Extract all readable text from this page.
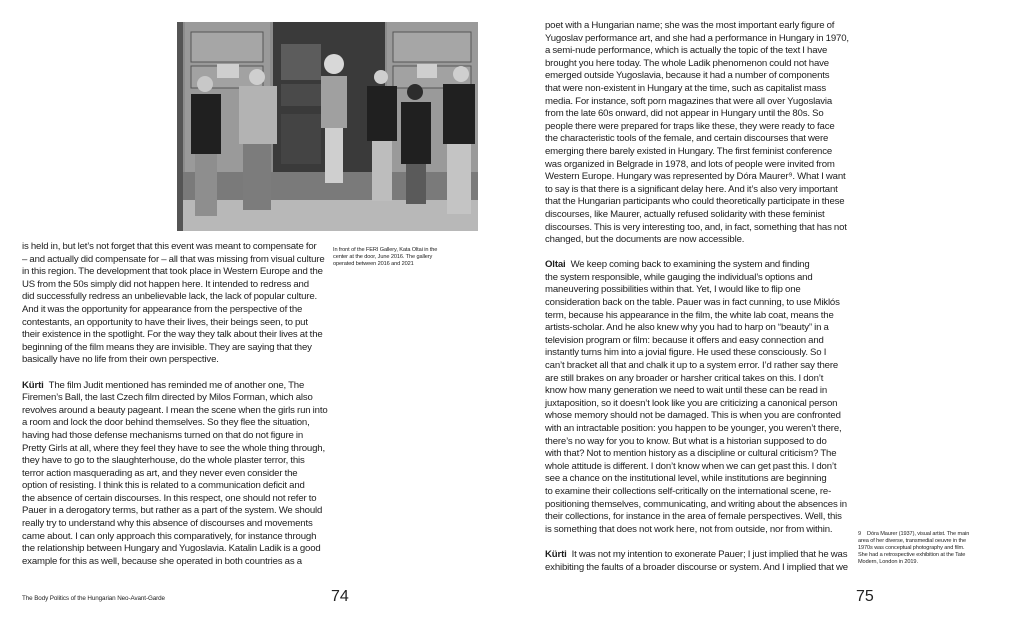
In front of the FERI Gallery, Kata Oltai in the
center at the door, June 2016. The gallery
operated between 2016 and 2021

is held in, but let’s not forget that this event was meant to compensate for
– and actually did compensate for – all that was missing from visual culture
in this region. The development that took place in Western Europe and the
US from the 50s simply did not happen here. It intended to redress and
did successfully redress an unbelievable lack, the lack of popular culture.
And it was the opportunity for appearance from the perspective of the
contestants, an opportunity to have their lives, their beings seen, to put
their existence in the spotlight. For the way they talk about their lives at the
beginning of the film means they are invisible. They are saying that they
basically have no life from their own perspective.

Kürti The film Judit mentioned has reminded me of another one, The
Firemen’s Ball, the last Czech film directed by Milos Forman, which also
revolves around a beauty pageant. I mean the scene when the girls run into
a room and lock the door behind themselves. So they flee the situation,
having had those defense mechanisms turned on that do not figure in
Pretty Girls at all, where they feel they have to see the whole thing through,
they have to go to the slaughterhouse, do the whole plaster terror, this
terror action masquerading as art, and they never even consider the
option of resisting. I think this is related to a communication deficit and
the absence of certain discourses. In this respect, one should not refer to
Pauer in a derogatory terms, but rather as a part of the system. We should
really try to understand why this absence of discourses and movements
came about. I can only approach this comparatively, for instance through
the relationship between Hungary and Yugoslavia. Katalin Ladik is a good
example for this as well, because she operated in both countries as a

The Body Politics of the Hungarian Neo-Avant-Garde	74

poet with a Hungarian name; she was the most important early figure of
Yugoslav performance art, and she had a performance in Hungary in 1970,
a semi-nude performance, which is actually the topic of the text I have
brought you here today. The whole Ladik phenomenon could not have
emerged outside Yugoslavia, because it had a number of components
that were non-existent in Hungary at the time, such as capitalist mass
media. For instance, soft porn magazines that were all over Yugoslavia
from the late 60s onward, did not appear in Hungary until the 80s. So
people there were prepared for traps like these, they were ready to face
the characteristic tools of the female, and certain discourses that were
emerging there barely existed in Hungary. The first feminist conference
was organized in Belgrade in 1978, and lots of people were invited from
Western Europe. Hungary was represented by Dóra Maurer⁹. What I want
to say is that there is a significant delay here. And it’s also very important
that the Hungarian participants who could theoretically participate in these
discourses, like Maurer, actually refused solidarity with these feminist
discourses. This is very interesting too, and, in fact, something that has not
changed, but the documents are now accessible.

Oltai We keep coming back to examining the system and finding
the system responsible, while gauging the individual’s options and
maneuvering possibilities within that. Yet, I would like to flip one
consideration back on the table. Pauer was in fact cunning, to use Miklós
term, because his appearance in the film, the white lab coat, means the
artists-scholar. And he also knew why you had to harp on “beauty” in a
television program or film: because it offers and easy connection and
instantly turns him into a jovial figure. He used these consciously. So I
can’t bracket all that and chalk it up to a system error. I’d rather say there
are still brakes on any broader or harsher critical takes on this. I don’t
know how many generation we need to wait until these can be read in
juxtaposition, so it doesn’t look like you are criticizing a canonical person
whose memory should not be damaged. This is when you are confronted
with an intractable position: you happen to be younger, you weren’t there,
there’s no way for you to know. But what is a historian supposed to do
with that? Not to mention history as a discipline or cultural criticism? The
whole attitude is different. I don’t know when we can get past this. I don’t
see a chance on the institutional level, while institutions are beginning
to examine their collections self-critically on the international scene, re-
positioning themselves, communicating, and writing about the absences in
their collections, for instance in the area of female perspectives. Well, this
is something that does not work here, not from outside, nor from within.

Kürti It was not my intention to exonerate Pauer; I just implied that he was
exhibiting the faults of a broader discourse or system. And I implied that we

9 Dóra Maurer (1937), visual artist. The main
area of her diverse, transmedial oeuvre in the
1970s was conceptual photography and film.
She had a retrospective exhibition at the Tate
Modern, London in 2019.
75
